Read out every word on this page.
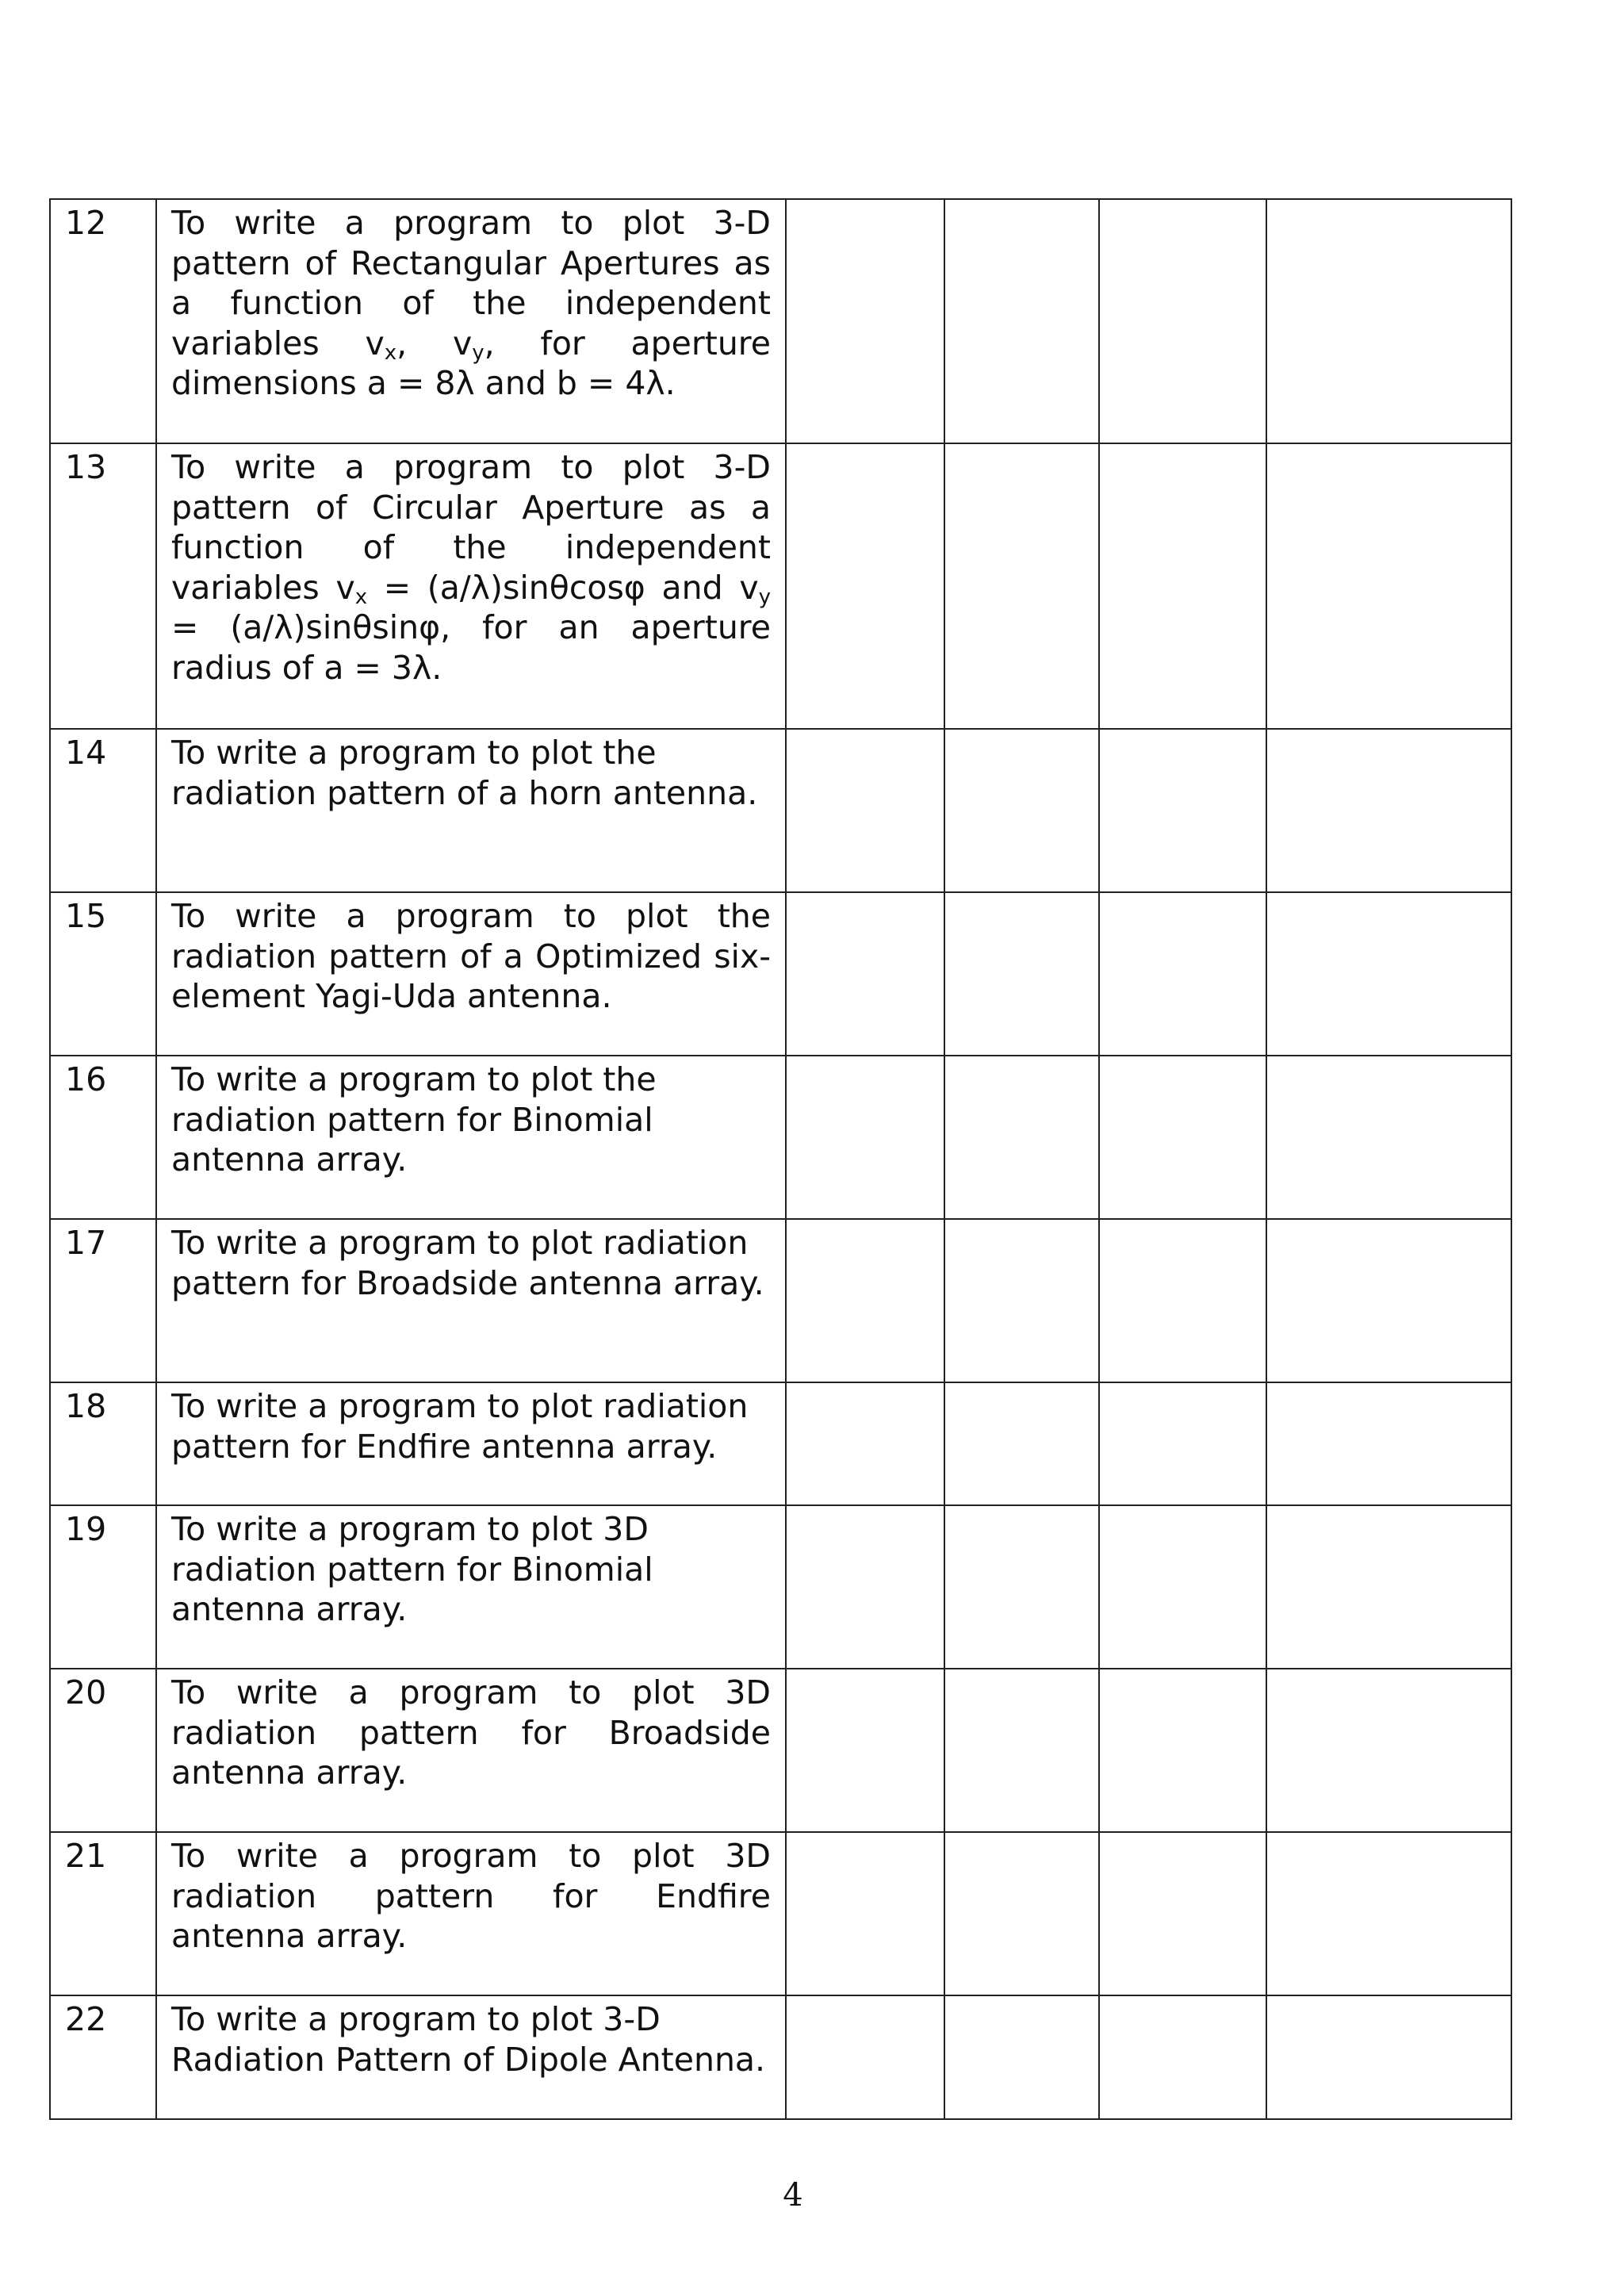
12	To write a program to plot 3-D pattern of Rectangular Apertures as a function of the independent variables $v_x$, $v_y$, for aperture dimensions a = 8λ and b = 4λ.				
13	To write a program to plot 3-D pattern of Circular Aperture as a function of the independent variables $v_x = (a/\lambda)\sin\theta\cos\varphi$ and $v_y = (a/\lambda)\sin\theta\sin\varphi$, for an aperture radius of a = 3λ.				
14	To write a program to plot the radiation pattern of a horn antenna.				
15	To write a program to plot the radiation pattern of a Optimized six-element Yagi-Uda antenna.				
16	To write a program to plot the radiation pattern for Binomial antenna array.				
17	To write a program to plot radiation pattern for Broadside antenna array.				
18	To write a program to plot radiation pattern for Endfire antenna array.				
19	To write a program to plot 3D radiation pattern for Binomial antenna array.				
20	To write a program to plot 3D radiation pattern for Broadside antenna array.				
21	To write a program to plot 3D radiation pattern for Endfire antenna array.				
22	To write a program to plot 3-D Radiation Pattern of Dipole Antenna.				
4
